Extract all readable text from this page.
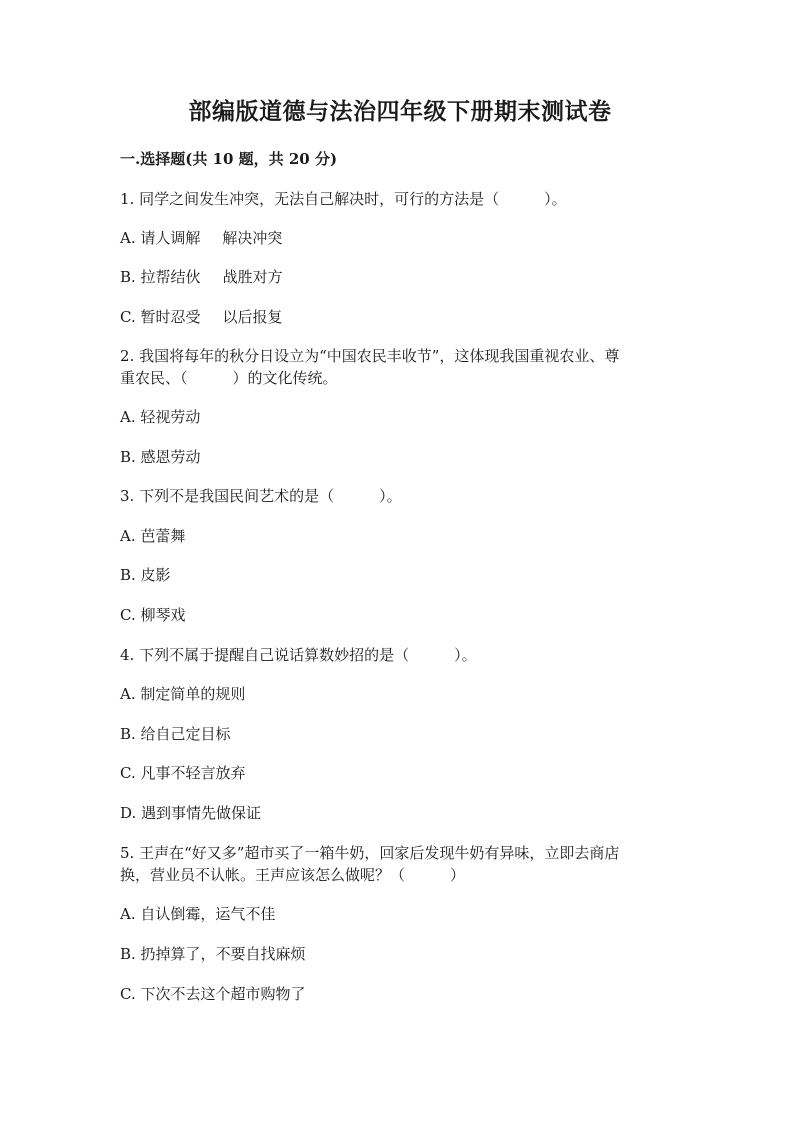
部编版道德与法治四年级下册期末测试卷
一.选择题(共 10 题，共 20 分)
1. 同学之间发生冲突，无法自己解决时，可行的方法是（　　　）。
A. 请人调解 解决冲突
B. 拉帮结伙 战胜对方
C. 暂时忍受 以后报复
2. 我国将每年的秋分日设立为“中国农民丰收节”，这体现我国重视农业、尊
重农民、（　　　）的文化传统。
A. 轻视劳动
B. 感恩劳动
3. 下列不是我国民间艺术的是（　　　）。
A. 芭蕾舞
B. 皮影
C. 柳琴戏
4. 下列不属于提醒自己说话算数妙招的是（　　　）。
A. 制定简单的规则
B. 给自己定目标
C. 凡事不轻言放弃
D. 遇到事情先做保证
5. 王声在“好又多”超市买了一箱牛奶，回家后发现牛奶有异味，立即去商店
换，营业员不认帐。王声应该怎么做呢？（　　　）
A. 自认倒霉，运气不佳
B. 扔掉算了，不要自找麻烦
C. 下次不去这个超市购物了
